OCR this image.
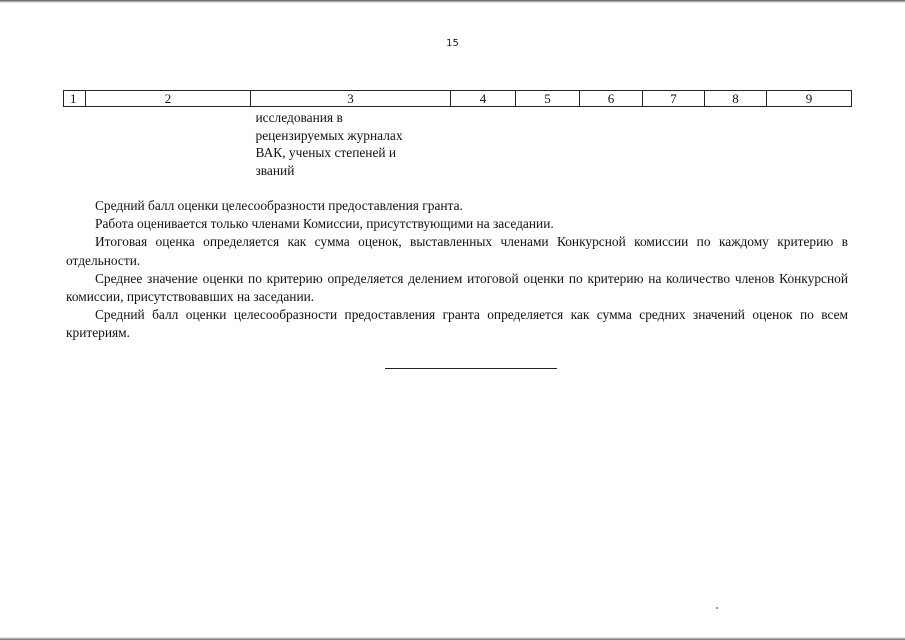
15
1	2	3	4	5	6	7	8	9

		исследования в
рецензируемых журналах
ВАК, ученых степеней и
званий						

Средний балл оценки целесообразности предоставления гранта.

Работа оценивается только членами Комиссии, присутствующими на заседании.

Итоговая оценка определяется как сумма оценок, выставленных членами Конкурсной комиссии по каждому критерию в отдельности.

Среднее значение оценки по критерию определяется делением итоговой оценки по критерию на количество членов Конкурсной комиссии, присутствовавших на заседании.

Средний балл оценки целесообразности предоставления гранта определяется как сумма средних значений оценок по всем критериям.
